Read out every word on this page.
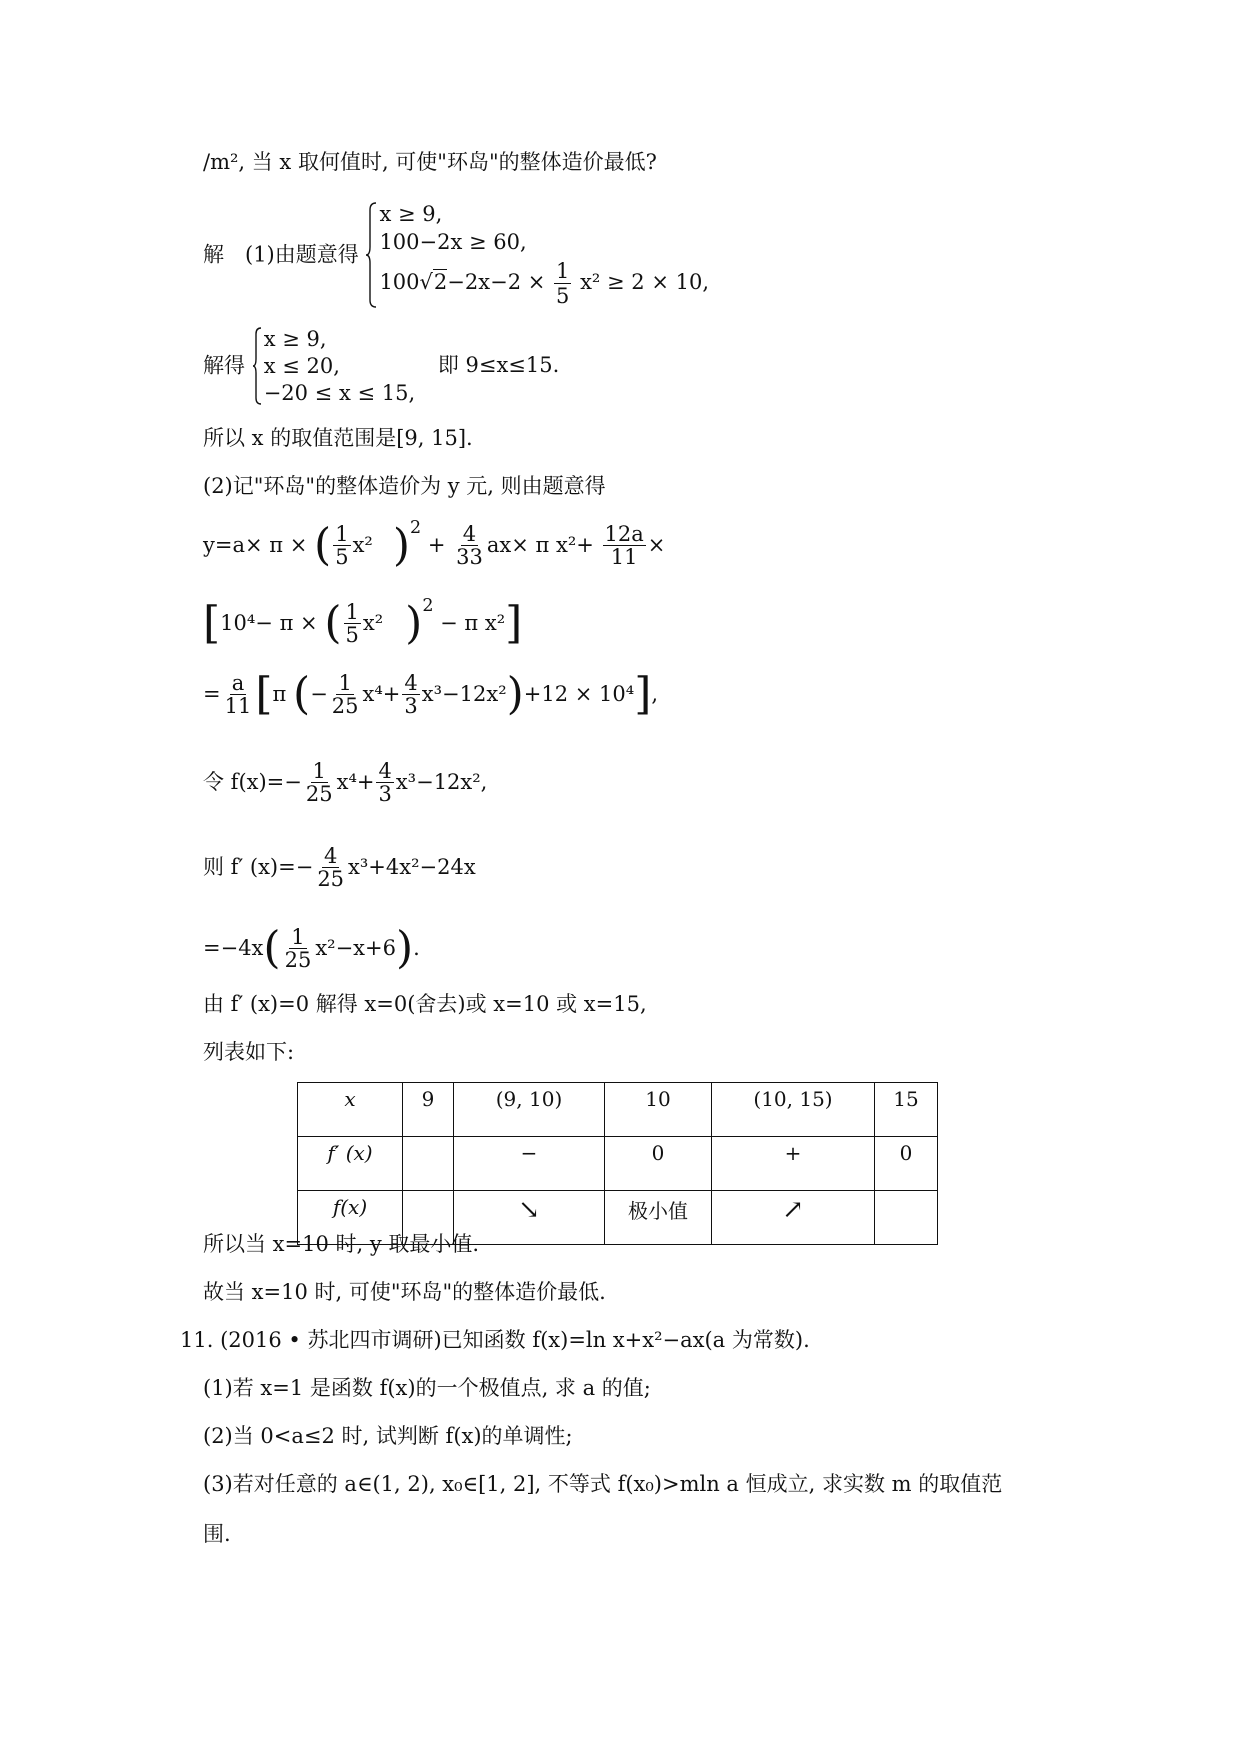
/m², 当 x 取何值时, 可使"环岛"的整体造价最低?
解　(1)由题意得
x ≥ 9,
100−2x ≥ 60,
$100√2-2x-2 \times \frac{1}{5} x^2 \ge 2 \times 10$,
解得
x ≥ 9,
x ≤ 20,
−20 ≤ x ≤ 15,
即 9≤x≤15.
所以 x 的取值范围是[9, 15].
(2)记"环岛"的整体造价为 y 元, 则由题意得
y=a× π × ( $\frac{1}{5} x^2$ )$^2 + \frac{4}{33} ax\times \pi$ $x^2+ \frac{12a}{11}$ ×
[10⁴− π × ( $\frac{1}{5} x^2$ )$^2$ − π x²]
= $\frac{a}{11} [\pi$ (− $\frac{1}{25} x^4+ \frac{4}{3} x^3-12x^2)+12 \times 10^4$],
令 $f(x)=- \frac{1}{25} x^4+ \frac{4}{3} x^3-12x^2$,
则 f′ $(x)=- \frac{4}{25} x^3+4x^2-24x$
$=-4x( \frac{1}{25} x^2-x+6)$.
由 f′ (x)=0 解得 x=0(舍去)或 x=10 或 x=15,
列表如下:
x	9	(9, 10)	10	(10, 15)	15
f′ (x)		−	0	+	0
f(x)		↘	极小值	↗	
所以当 x=10 时, y 取最小值.
故当 x=10 时, 可使"环岛"的整体造价最低.
11. (2016 • 苏北四市调研)已知函数 f(x)=ln x+x²−ax(a 为常数).
(1)若 x=1 是函数 f(x)的一个极值点, 求 a 的值;
(2)当 0<a≤2 时, 试判断 f(x)的单调性;
(3)若对任意的 a∈(1, 2), x₀∈[1, 2], 不等式 f(x₀)>mln a 恒成立, 求实数 m 的取值范
围.
